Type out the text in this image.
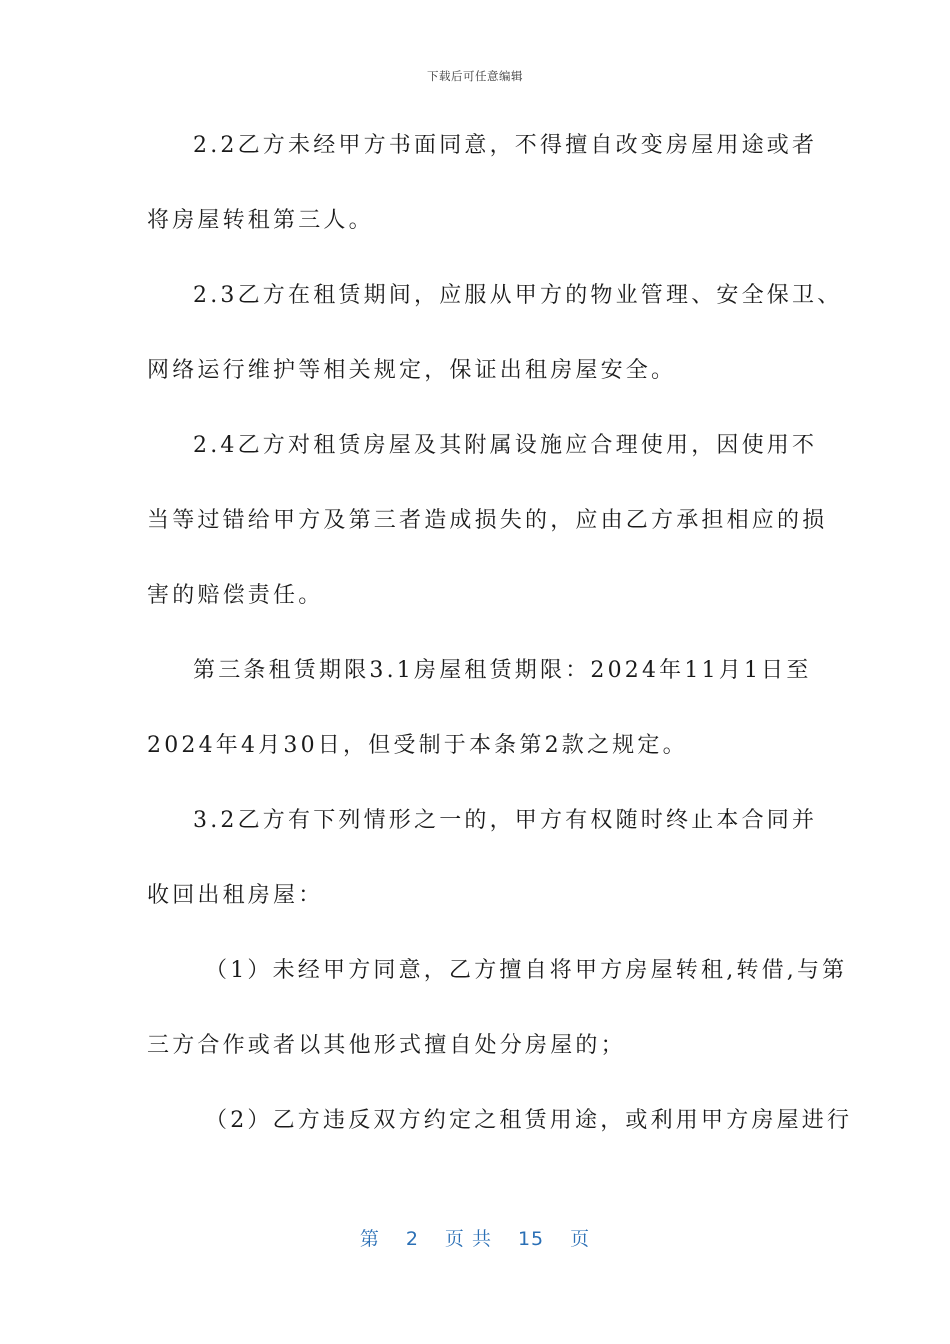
下载后可任意编辑
2.2乙方未经甲方书面同意，不得擅自改变房屋用途或者
将房屋转租第三人。
2.3乙方在租赁期间，应服从甲方的物业管理、安全保卫、
网络运行维护等相关规定，保证出租房屋安全。
2.4乙方对租赁房屋及其附属设施应合理使用，因使用不
当等过错给甲方及第三者造成损失的，应由乙方承担相应的损
害的赔偿责任。
第三条租赁期限3.1房屋租赁期限：2024年11月1日至
2024年4月30日，但受制于本条第2款之规定。
3.2乙方有下列情形之一的，甲方有权随时终止本合同并
收回出租房屋：
（1）未经甲方同意，乙方擅自将甲方房屋转租,转借,与第
三方合作或者以其他形式擅自处分房屋的；
（2）乙方违反双方约定之租赁用途，或利用甲方房屋进行
第 2 页 共 15 页
